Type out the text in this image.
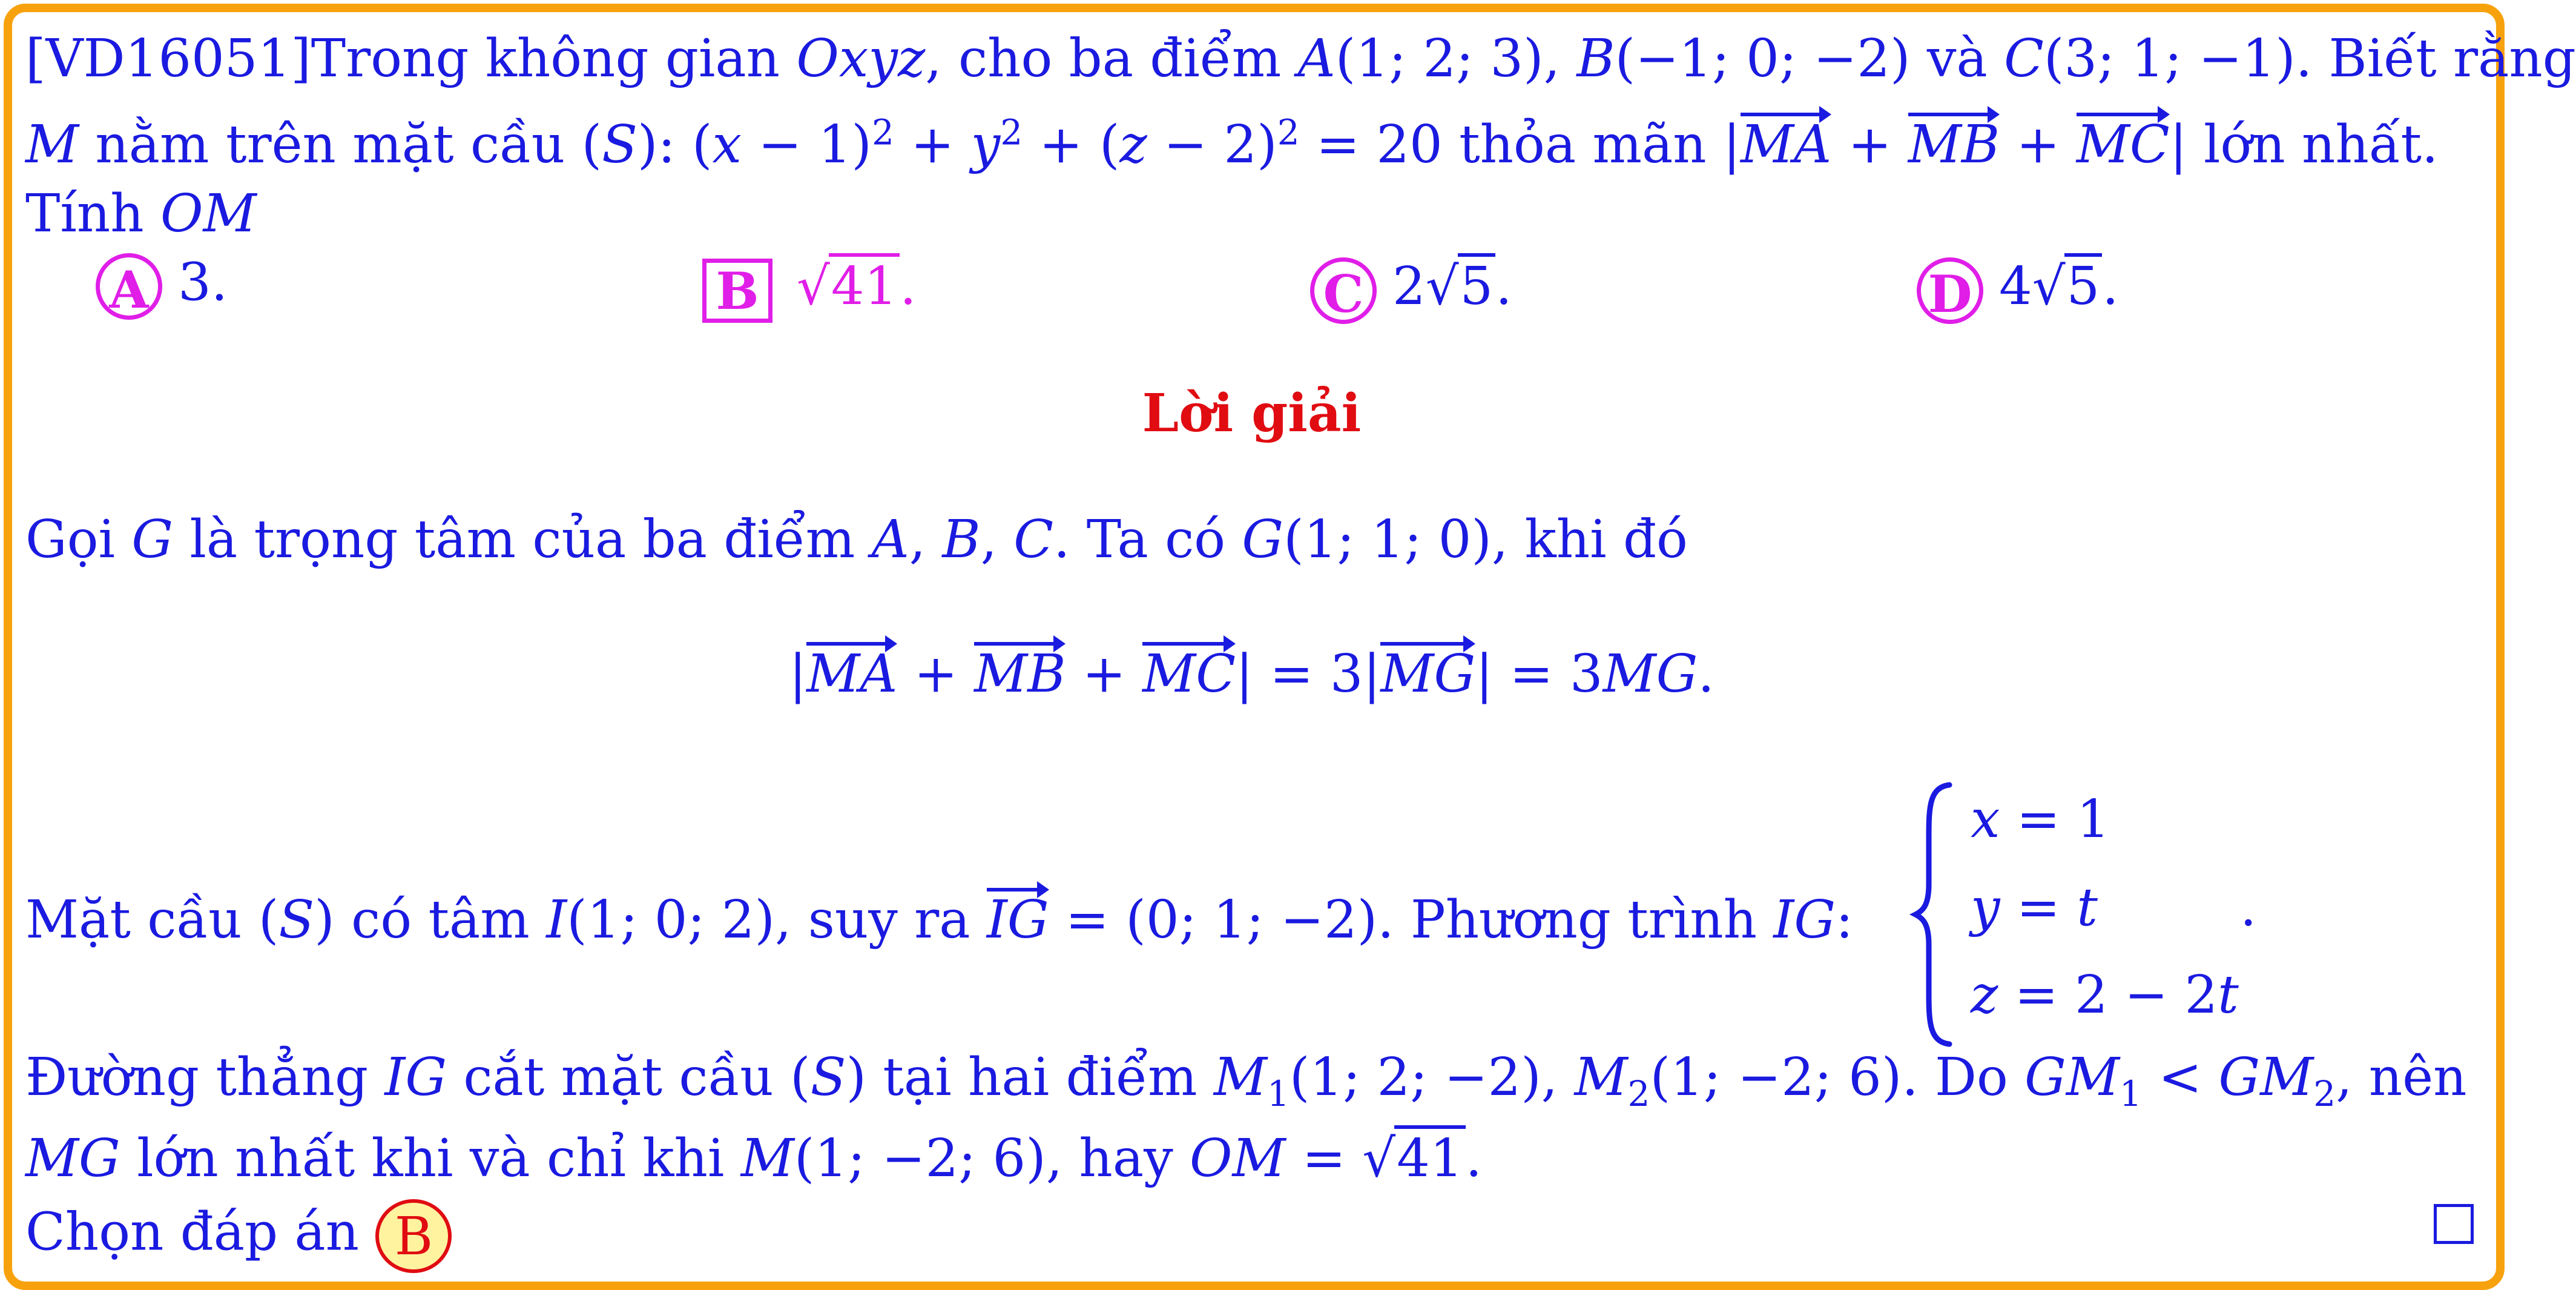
[VD16051]Trong không gian Oxyz, cho ba điểm A(1; 2; 3), B(−1; 0; −2) và C(3; 1; −1). Biết rằng
M nằm trên mặt cầu (S): $(x - 1)^2 + y^2 + (z - 2)^2 = 20$ thỏa mãn |MA + MB + MC| lớn nhất.
Tính OM
A 3.	B √41.	C 2√5.	D 4√5.
Lời giải
Gọi G là trọng tâm của ba điểm A, B, C. Ta có G(1; 1; 0), khi đó
|MA + MB + MC| = 3|MG| = 3MG.
Mặt cầu (S) có tâm I(1; 0; 2), suy ra IG = (0; 1; −2). Phương trình IG:
x = 1
y = t
z = 2 − 2t
.
Đường thẳng IG cắt mặt cầu (S) tại hai điểm $M_1(1$; 2; −2), $M_2(1$; −2; 6). Do $GM_1 < GM_2$, nên
MG lớn nhất khi và chỉ khi M(1; −2; 6), hay OM = √41.
Chọn đáp án B
